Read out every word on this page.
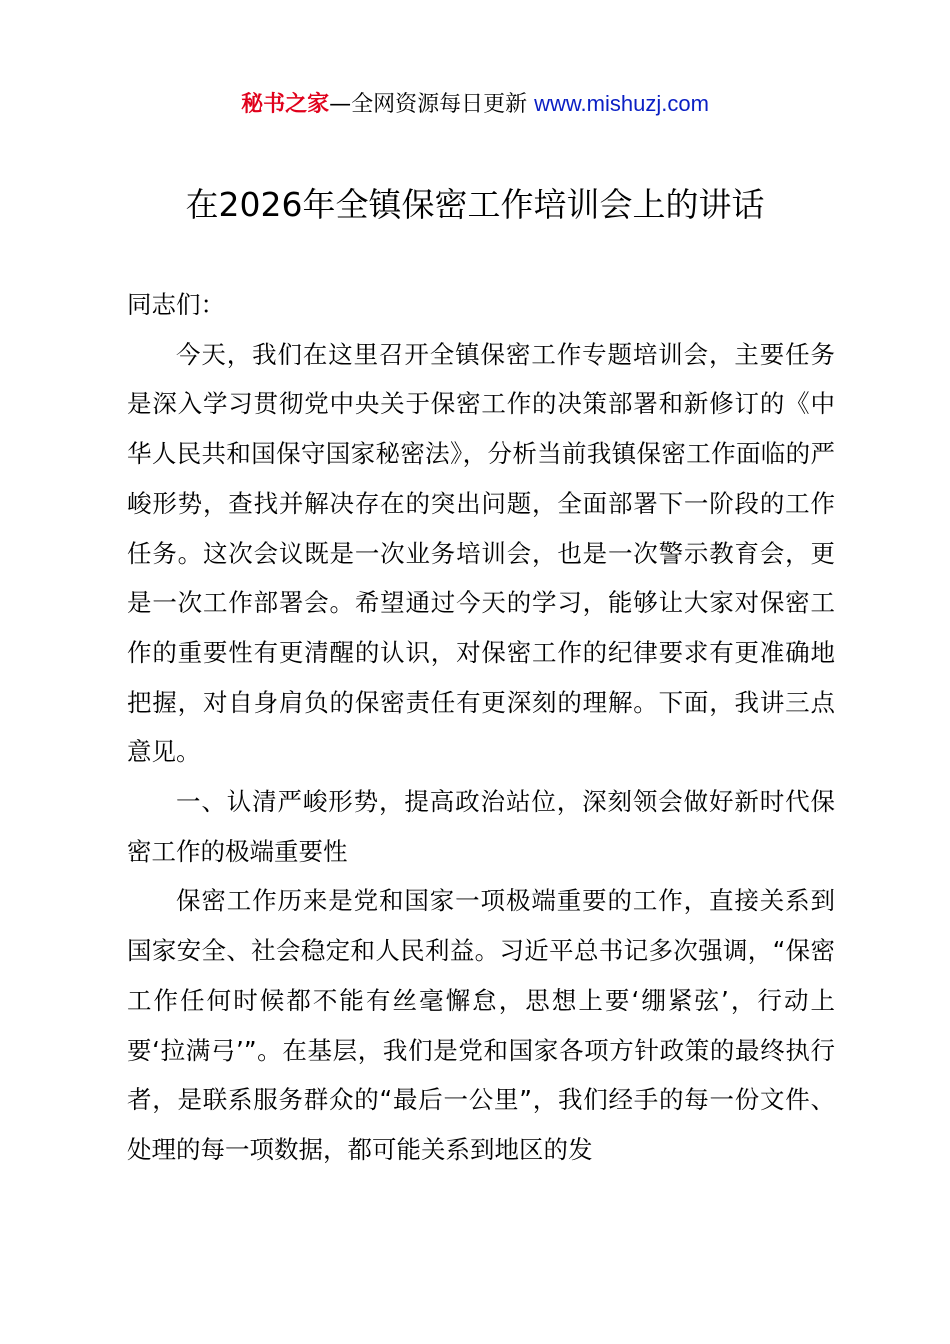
秘书之家—全网资源每日更新 www.mishuzj.com
在2026年全镇保密工作培训会上的讲话

同志们：

今天，我们在这里召开全镇保密工作专题培训会，主要任务是深入学习贯彻党中央关于保密工作的决策部署和新修订的《中华人民共和国保守国家秘密法》，分析当前我镇保密工作面临的严峻形势，查找并解决存在的突出问题，全面部署下一阶段的工作任务。这次会议既是一次业务培训会，也是一次警示教育会，更是一次工作部署会。希望通过今天的学习，能够让大家对保密工作的重要性有更清醒的认识，对保密工作的纪律要求有更准确地把握，对自身肩负的保密责任有更深刻的理解。下面，我讲三点意见。

一、认清严峻形势，提高政治站位，深刻领会做好新时代保密工作的极端重要性

保密工作历来是党和国家一项极端重要的工作，直接关系到国家安全、社会稳定和人民利益。习近平总书记多次强调，“保密工作任何时候都不能有丝毫懈怠，思想上要‘绷紧弦’，行动上要‘拉满弓’”。在基层，我们是党和国家各项方针政策的最终执行者，是联系服务群众的“最后一公里”，我们经手的每一份文件、处理的每一项数据，都可能关系到地区的发
